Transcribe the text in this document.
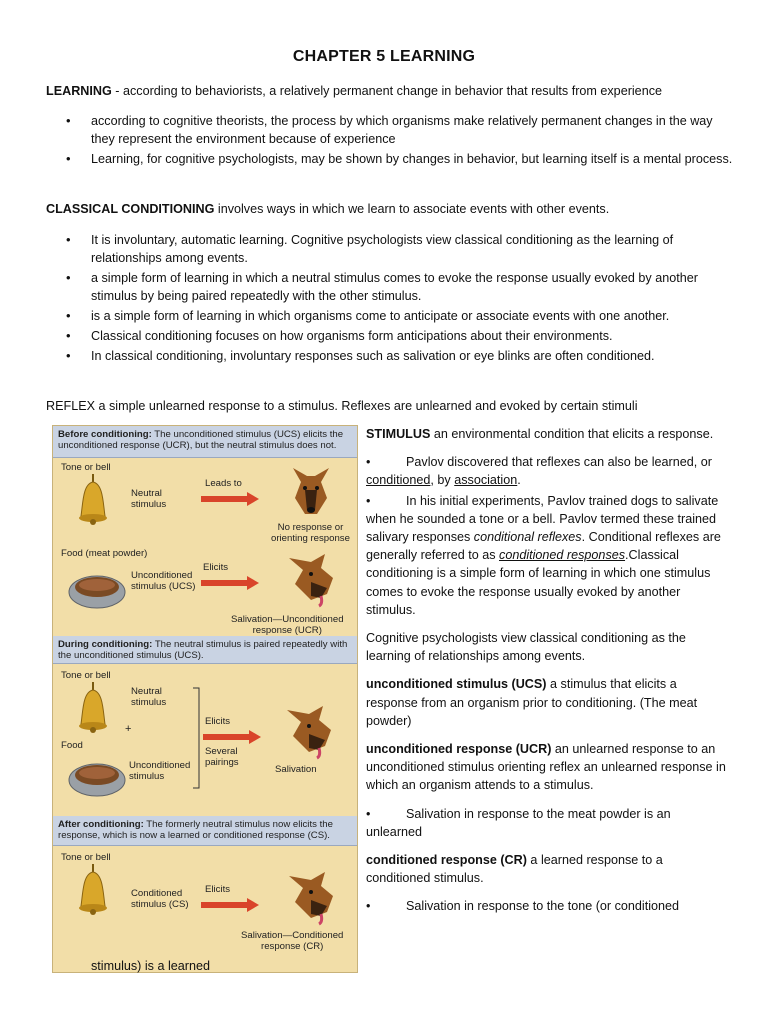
CHAPTER 5 LEARNING
LEARNING - according to behaviorists, a relatively permanent change in behavior that results from experience
• according to cognitive theorists, the process by which organisms make relatively permanent changes in the way they represent the environment because of experience
• Learning, for cognitive psychologists, may be shown by changes in behavior, but learning itself is a mental process.
CLASSICAL CONDITIONING involves ways in which we learn to associate events with other events.
• It is involuntary, automatic learning. Cognitive psychologists view classical conditioning as the learning of relationships among events.
• a simple form of learning in which a neutral stimulus comes to evoke the response usually evoked by another stimulus by being paired repeatedly with the other stimulus.
• is a simple form of learning in which organisms come to anticipate or associate events with one another.
• Classical conditioning focuses on how organisms form anticipations about their environments.
• In classical conditioning, involuntary responses such as salivation or eye blinks are often conditioned.
REFLEX a simple unlearned response to a stimulus. Reflexes are unlearned and evoked by certain stimuli
Before conditioning: The unconditioned stimulus (UCS) elicits the unconditioned response (UCR), but the neutral stimulus does not.
Tone or bell
Neutral
stimulus
Leads to
No response or
orienting response
Food (meat powder)
Unconditioned
stimulus (UCS)
Elicits
Salivation—Unconditioned
response (UCR)
During conditioning: The neutral stimulus is paired repeatedly with the unconditioned stimulus (UCS).
Tone or bell
Neutral
stimulus
+
Food
Unconditioned
stimulus
Elicits
Several
pairings
Salivation
After conditioning: The formerly neutral stimulus now elicits the response, which is now a learned or conditioned response (CS).
Tone or bell
Conditioned
stimulus (CS)
Elicits
Salivation—Conditioned
response (CR)

STIMULUS an environmental condition that elicits a response.

•	Pavlov discovered that reflexes can also be learned, or conditioned, by association.

•	In his initial experiments, Pavlov trained dogs to salivate when he sounded a tone or a bell. Pavlov termed these trained salivary responses conditional reflexes. Conditional reflexes are generally referred to as conditioned responses.Classical conditioning is a simple form of learning in which one stimulus comes to evoke the response usually evoked by another stimulus.

Cognitive psychologists view classical conditioning as the learning of relationships among events.

unconditioned stimulus (UCS) a stimulus that elicits a response from an organism prior to conditioning. (The meat powder)

unconditioned response (UCR) an unlearned response to an unconditioned stimulus orienting reflex an unlearned response in which an organism attends to a stimulus.

•	Salivation in response to the meat powder is an unlearned

conditioned response (CR) a learned response to a conditioned stimulus.

•	Salivation in response to the tone (or conditioned

stimulus) is a learned
